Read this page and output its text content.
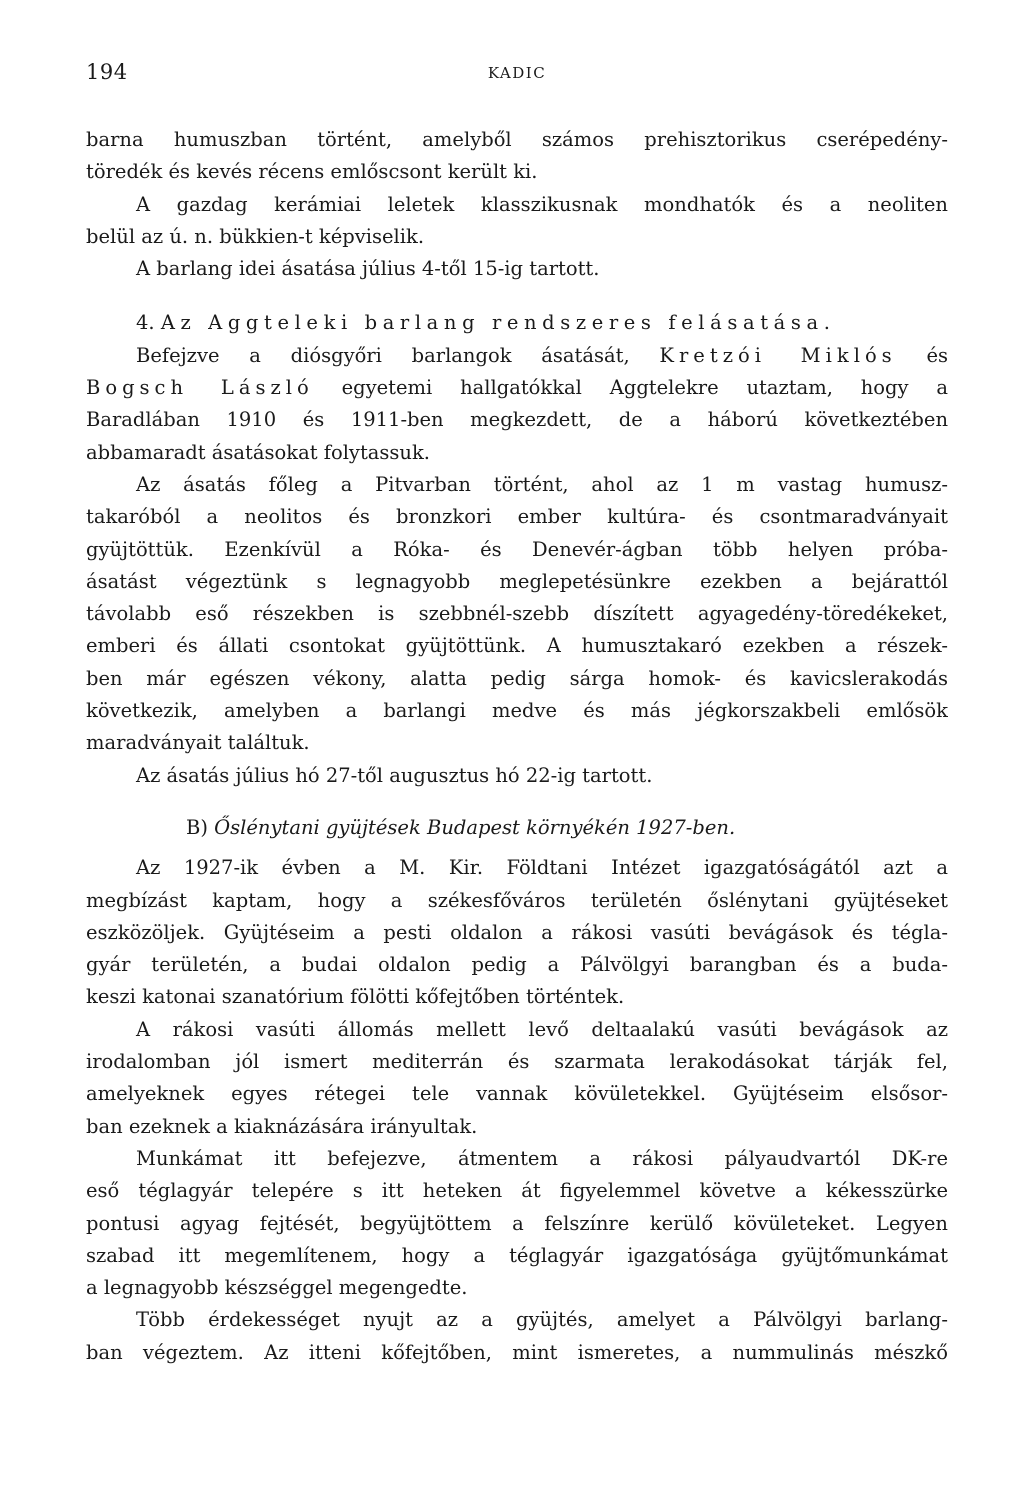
194	KADIC
barna humuszban történt, amelyből számos prehisztorikus cserépedény-
töredék és kevés récens emlőscsont került ki.
A gazdag kerámiai leletek klasszikusnak mondhatók és a neoliten
belül az ú. n. bükkien-t képviselik.
A barlang idei ásatása július 4-től 15-ig tartott.
4. Az Aggteleki barlang rendszeres felásatása.
Befejzve a diósgyőri barlangok ásatását, Kretzói Miklós és
Bogsch László egyetemi hallgatókkal Aggtelekre utaztam, hogy a
Baradlában 1910 és 1911-ben megkezdett, de a háború következtében
abbamaradt ásatásokat folytassuk.
Az ásatás főleg a Pitvarban történt, ahol az 1 m vastag humusz-
takaróból a neolitos és bronzkori ember kultúra- és csontmaradványait
gyüjtöttük. Ezenkívül a Róka- és Denevér-ágban több helyen próba-
ásatást végeztünk s legnagyobb meglepetésünkre ezekben a bejárattól
távolabb eső részekben is szebbnél-szebb díszített agyagedény-töredékeket,
emberi és állati csontokat gyüjtöttünk. A humusztakaró ezekben a részek-
ben már egészen vékony, alatta pedig sárga homok- és kavicslerakodás
következik, amelyben a barlangi medve és más jégkorszakbeli emlősök
maradványait találtuk.
Az ásatás július hó 27-től augusztus hó 22-ig tartott.
B) Őslénytani gyüjtések Budapest környékén 1927-ben.
Az 1927-ik évben a M. Kir. Földtani Intézet igazgatóságától azt a
megbízást kaptam, hogy a székesfőváros területén őslénytani gyüjtéseket
eszközöljek. Gyüjtéseim a pesti oldalon a rákosi vasúti bevágások és tégla-
gyár területén, a budai oldalon pedig a Pálvölgyi barangban és a buda-
keszi katonai szanatórium fölötti kőfejtőben történtek.
A rákosi vasúti állomás mellett levő deltaalakú vasúti bevágások az
irodalomban jól ismert mediterrán és szarmata lerakodásokat tárják fel,
amelyeknek egyes rétegei tele vannak kövületekkel. Gyüjtéseim elsősor-
ban ezeknek a kiaknázására irányultak.
Munkámat itt befejezve, átmentem a rákosi pályaudvartól DK-re
eső téglagyár telepére s itt heteken át figyelemmel követve a kékesszürke
pontusi agyag fejtését, begyüjtöttem a felszínre kerülő kövületeket. Legyen
szabad itt megemlítenem, hogy a téglagyár igazgatósága gyüjtőmunkámat
a legnagyobb készséggel megengedte.
Több érdekességet nyujt az a gyüjtés, amelyet a Pálvölgyi barlang-
ban végeztem. Az itteni kőfejtőben, mint ismeretes, a nummulinás mészkő
